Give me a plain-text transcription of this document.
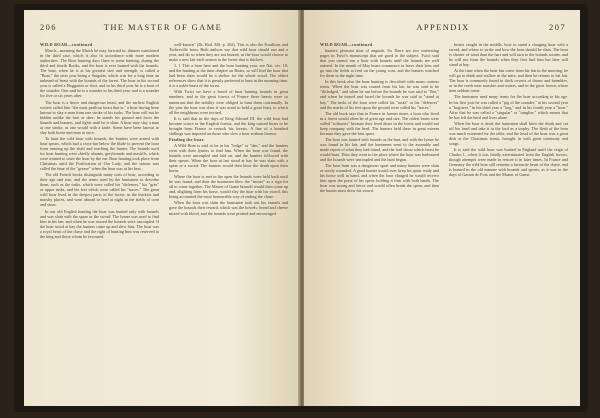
206	THE MASTER OF GAME
WILD BOAR—continued

March—meaning the March he may forward in, dinners mentioned in the third case, which is also in accordance with more modern authorities. The Boar hunting days there is some hunting, during the third and fourth Books, and the boar is ever hunted with the hounds. The boar, when he is at his greatest size and strength, is called a "Boar," the next year being a Singular, which was for a long time an unheard-of beast with the hounds of the forest. The boar in his second year is called a Hoggaster or shot, and in his third year he is a boar of the sounder. One said he is a sounder in his third year, and is a sounder for five or six years after.

The boar is a fierce and dangerous beast, and the earliest English writers called him "the most perilous beast that is," a boar having been known to slay a man from one stroke of his tusks. The boar will not be bidden unlike the hart or deer; he stands his ground and faces the hounds and hunters, and fights until he is slain. A boar may slay a man at one stroke, as one would with a knife. Some have been known to slay both horse and man at once.

To hunt the wild boar with hounds, the hunters were armed with boar spears, which had a cross-bar below the blade to prevent the boar from running up the shaft and reaching the hunter. The hounds used for boar hunting were chiefly alaunts, greyhounds and mastiffs, which were trained to seize the boar by the ear. Boar hunting took place from Christmas until the Purification of Our Lady, and the season was called the time of the "grease" when the boar was at his best.

The old French books distinguish many sorts of boar, according to their age and size, and the terms used by the huntsmen to describe them, such as the tusks, which were called his "defences," his "grès" or upper tusks, and his feet which were called his "traces." The great wild boar lived in the deepest parts of the forest, in the thickets and marshy places, and went abroad to feed at night in the fields of corn and vines.

In our old English hunting the boar was hunted only with hounds and was slain with the spear or the sword. The lymer was used to find him in his lair, and when he was roused the hounds were uncoupled. If the boar stood at bay the hunters came up and slew him. The boar was a royal beast of the chase and the right of hunting him was reserved to the king and those whom he favoured.

well-known" (Dr. Bod. MS. p. 202). This is also the Fouilloux and Turberville form. Both authors say that wild boar should run and a year, and do so when they are not hunted, as the boar would choose to make a new lair each season in the forest that is thickest.

1. 1 This a boar here and the boar hunting year, see Nat. xiv. 18; and the hunting at the time chapter on Boars, so will find the boar that had been slain would be a shelter for the whole wood. The oldest references show that it is greatly preferred to hunt in the morning time, it is a noble beast of the forest.

With Twici we have a breed of boar hunting hounds in great numbers, and in the great forests of France these beasts were so numerous that the nobility were obliged to hunt them continually. In the year the boar was slain it was usual to hold a great feast, to which all the neighbours were invited.

It is said that in the days of King Edward III. the wild boar had become scarce in the English forests, and the king caused boars to be brought from France to restock his forests. A fine of a hundred shillings was imposed on those who slew a boar without licence.

Finding the boar.

A Wild Boar is said to be in his "lodge" or "den," and the hunters went with their lymers to find him. When the boar was found, the hounds were uncoupled and laid on, and the hunters followed with their spears. When the boar at last stood at bay he was slain with a spear or a sword. The hunters would then blow the death upon their horns.

Where the boar is met in the open the hounds were held back until he was found, and then the huntsmen blew the "moote" as a sign for all to come together. The Master of Game himself would then come up and, alighting from his horse, would slay the boar with his sword, this being accounted the most honourable way of ending the chase.

When the boar was slain the huntsmen took out his entrails and gave the hounds their reward, which was the bowels, bread and cheese mixed with blood, and the hounds were praised and encouraged.

APPENDIX	207
WILD BOAR—continued

hunters' pleasant time of anguish. So There are two interesting pages in Twici's manuscript that are good to the subject. Twici said that you cannot run a boar with hounds until the hounds are well entered. In the month of May boars commence to leave their lairs and go into the fields to feed on the young corn, and the hunters watched for them in the night time.

In this book also the boar hunting is described with many curious terms. When the boar was roused from his lair he was said to be "dislodged," and when he ran before the hounds he was said to "flee," and when he turned and faced the hounds he was said to "stand at bay." The tusks of the boar were called his "tusks" or his "defences" and the marks of his feet upon the ground were called his "traces."

The old book says that in France in former times, a boar who lived in a forest would often be of great age and size. The oldest boars were called "solitaries" because they lived alone in the forest and would not keep company with the herd. The hunters held these in great esteem because they gave the best sport.

The boar was hunted with hounds as the hart, and with the lymer he was found in his lair, and the huntsmen went to the assembly and made report of what they had found, and the lord chose which beast he would hunt. Then they went to the place where the boar was harboured and the hounds were uncoupled and the hunt began.

The boar hunt was a dangerous sport and many hunters were slain or sorely wounded. A good hunter would ever keep his spear ready and his horse well in hand, and when the boar charged he would receive him upon the point of his spear, holding it firm with both hands. The boar was strong and fierce and would often break the spear, and then the hunter must draw his sword.

beasts caught in the middle, how to stand a charging boar with a sword, and where to strike and how the boar should be slain. The boar is shorter of wind than the hart and will turn to the hounds sooner, and he will run from the hounds when they first find him but later will stand at bay.

At the time when the boar has come from his lair in the morning, he will go to drink and wallow in the mire, and then he returns to his lair. The boar is commonly found in thick coverts of thorns and brambles, or in the reeds near marshes and waters, and in the great forests where men seldom come.

The huntsmen used many terms for the boar according to his age. In his first year he was called a "pig of the sounder," in his second year a "hogsteer," in his third year a "hog," and in his fourth year a "boar." After that he was called a "singular" or "sanglier," which means that he has left the herd and lives alone.

When the boar is dead, the huntsmen shall blow the death and cut off his head and take it to the lord as a trophy. The flesh of the boar was much esteemed for the table, and the head of the boar was a great dish at the Christmas feasts, brought in with great ceremony and songs.

It is said the wild boar was hunted in England until the reign of Charles I., when it was finally exterminated from the English forests, though attempts were made to restore it in later times. In France and Germany the wild boar still remains a favourite beast of the chase, and is hunted in the old manner with hounds and spears, as it was in the days of Gaston de Foix and the Master of Game.
